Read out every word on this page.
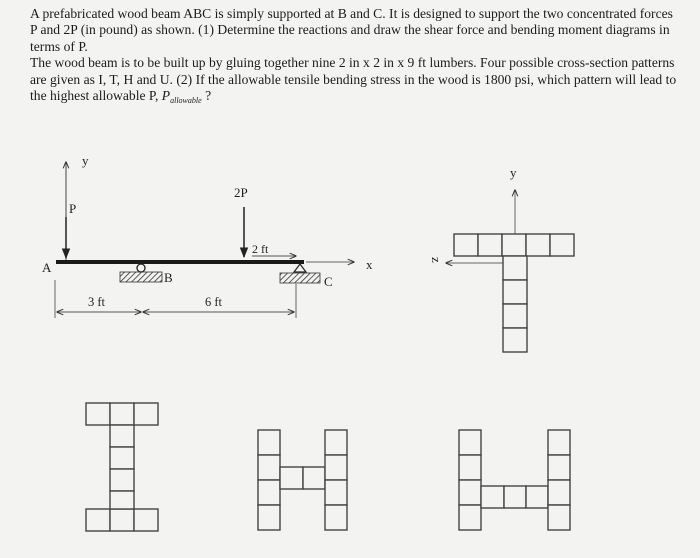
A prefabricated wood beam ABC is simply supported at B and C. It is designed to support the two concentrated forces P and 2P (in pound) as shown. (1) Determine the reactions and draw the shear force and bending moment diagrams in terms of P.

The wood beam is to be built up by gluing together nine 2 in x 2 in x 9 ft lumbers. Four possible cross-section patterns are given as I, T, H and U. (2) If the allowable tensile bending stress in the wood is 1800 psi, which pattern will lead to the highest allowable P, $P_{allowable}$ ?

y
P
A
2P
2 ft
B	C
x
3 ft	6 ft
y
z
